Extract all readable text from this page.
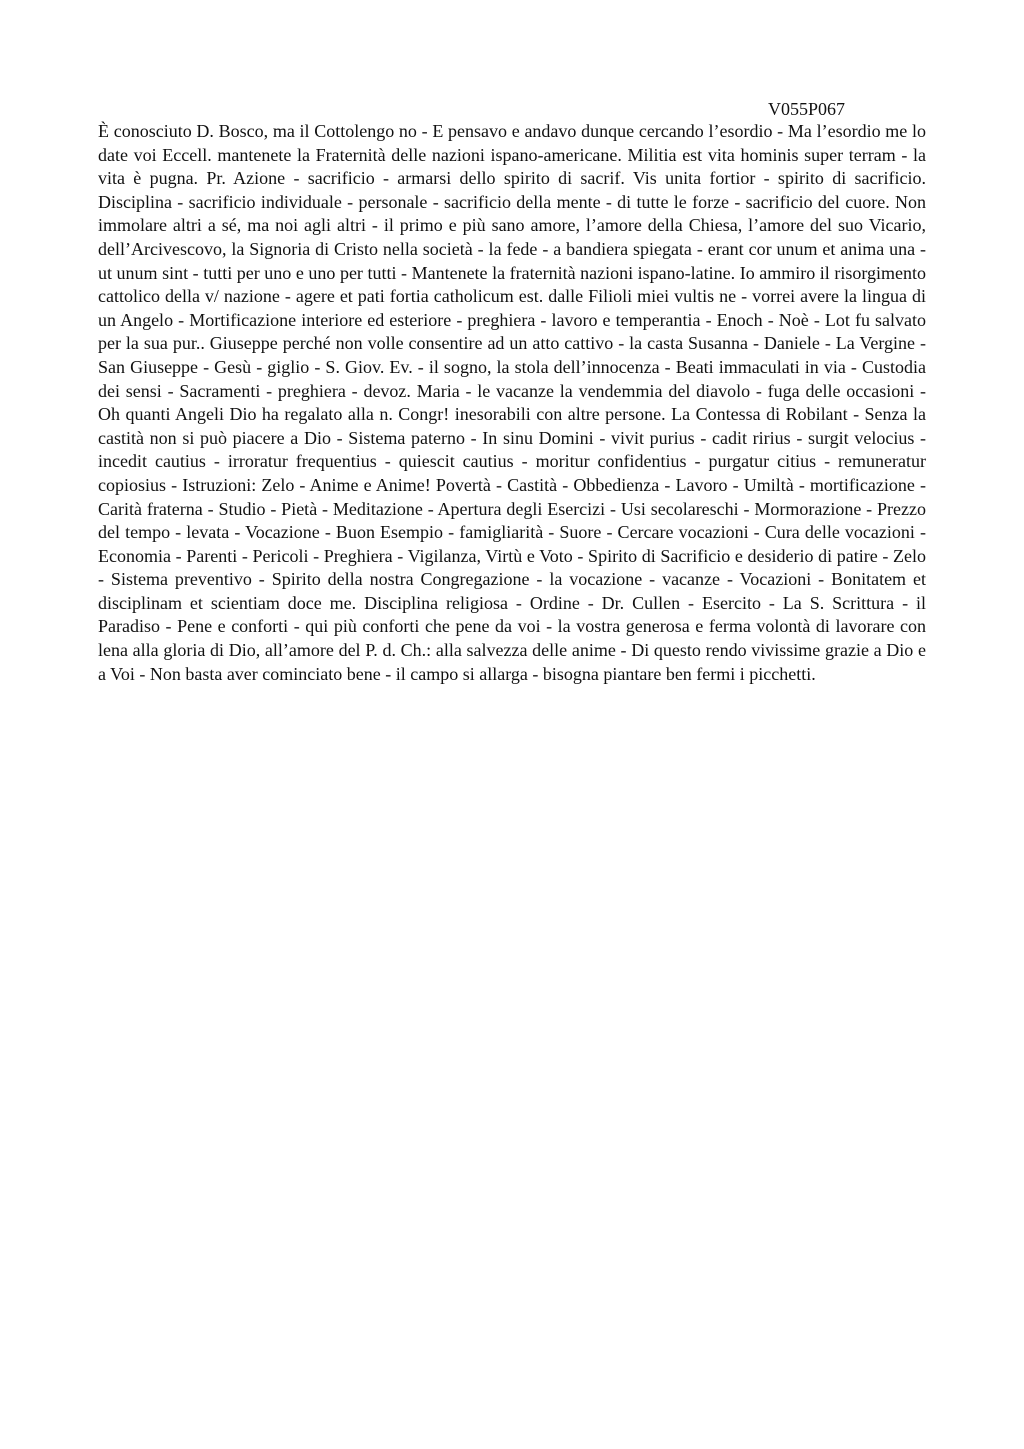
V055P067

È conosciuto D. Bosco, ma il Cottolengo no - E pensavo e andavo dunque cercando l’esordio - Ma l’esordio me lo date voi Eccell. mantenete la Fraternità delle nazioni ispano-americane. Militia est vita hominis super terram - la vita è pugna. Pr. Azione - sacrificio - armarsi dello spirito di sacrif. Vis unita fortior - spirito di sacrificio. Disciplina - sacrificio individuale - personale - sacrificio della mente - di tutte le forze - sacrificio del cuore. Non immolare altri a sé, ma noi agli altri - il primo e più sano amore, l’amore della Chiesa, l’amore del suo Vicario, dell’Arcivescovo, la Signoria di Cristo nella società - la fede - a bandiera spiegata - erant cor unum et anima una - ut unum sint - tutti per uno e uno per tutti - Mantenete la fraternità nazioni ispano-latine. Io ammiro il risorgimento cattolico della v/ nazione - agere et pati fortia catholicum est. dalle Filioli miei vultis ne - vorrei avere la lingua di un Angelo - Mortificazione interiore ed esteriore - preghiera - lavoro e temperantia - Enoch - Noè - Lot fu salvato per la sua pur.. Giuseppe perché non volle consentire ad un atto cattivo - la casta Susanna - Daniele - La Vergine - San Giuseppe - Gesù - giglio - S. Giov. Ev. - il sogno, la stola dell’innocenza - Beati immaculati in via - Custodia dei sensi - Sacramenti - preghiera - devoz. Maria - le vacanze la vendemmia del diavolo - fuga delle occasioni - Oh quanti Angeli Dio ha regalato alla n. Congr! inesorabili con altre persone. La Contessa di Robilant - Senza la castità non si può piacere a Dio - Sistema paterno - In sinu Domini - vivit purius - cadit ririus - surgit velocius - incedit cautius - irroratur frequentius - quiescit cautius - moritur confidentius - purgatur citius - remuneratur copiosius - Istruzioni: Zelo - Anime e Anime! Povertà - Castità - Obbedienza - Lavoro - Umiltà - mortificazione - Carità fraterna - Studio - Pietà - Meditazione - Apertura degli Esercizi - Usi secolareschi - Mormorazione - Prezzo del tempo - levata - Vocazione - Buon Esempio - famigliarità - Suore - Cercare vocazioni - Cura delle vocazioni - Economia - Parenti - Pericoli - Preghiera - Vigilanza, Virtù e Voto - Spirito di Sacrificio e desiderio di patire - Zelo - Sistema preventivo - Spirito della nostra Congregazione - la vocazione - vacanze - Vocazioni - Bonitatem et disciplinam et scientiam doce me. Disciplina religiosa - Ordine - Dr. Cullen - Esercito - La S. Scrittura - il Paradiso - Pene e conforti - qui più conforti che pene da voi - la vostra generosa e ferma volontà di lavorare con lena alla gloria di Dio, all’amore del P. d. Ch.: alla salvezza delle anime - Di questo rendo vivissime grazie a Dio e a Voi - Non basta aver cominciato bene - il campo si allarga - bisogna piantare ben fermi i picchetti.
